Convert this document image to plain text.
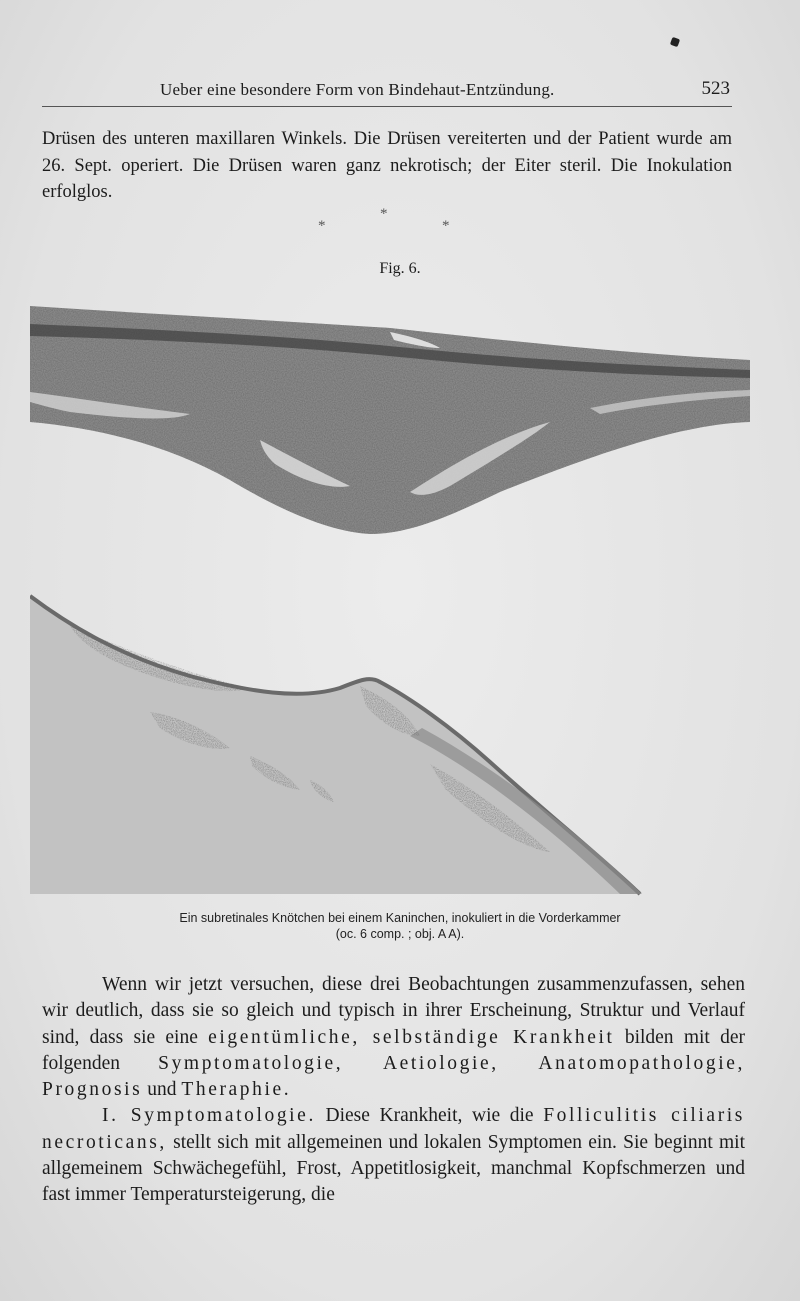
Ueber eine besondere Form von Bindehaut-Entzündung.	523

Drüsen des unteren maxillaren Winkels. Die Drüsen vereiterten und der Patient wurde am 26. Sept. operiert. Die Drüsen waren ganz nekrotisch; der Eiter steril. Die Inokulation erfolglos.

*
*
*
Fig. 6.
Ein subretinales Knötchen bei einem Kaninchen, inokuliert in die Vorderkammer
(oc. 6 comp. ; obj. A A).

Wenn wir jetzt versuchen, diese drei Beobachtungen zusammenzufassen, sehen wir deutlich, dass sie so gleich und typisch in ihrer Erscheinung, Struktur und Verlauf sind, dass sie eine eigentümliche, selbständige Krankheit bilden mit der folgenden Symptomatologie, Aetiologie, Anatomopathologie, Prognosis und Theraphie.

I. Symptomatologie. Diese Krankheit, wie die Folliculitis ciliaris necroticans, stellt sich mit allgemeinen und lokalen Symptomen ein. Sie beginnt mit allgemeinem Schwächegefühl, Frost, Appetitlosigkeit, manchmal Kopfschmerzen und fast immer Temperatursteigerung, die
